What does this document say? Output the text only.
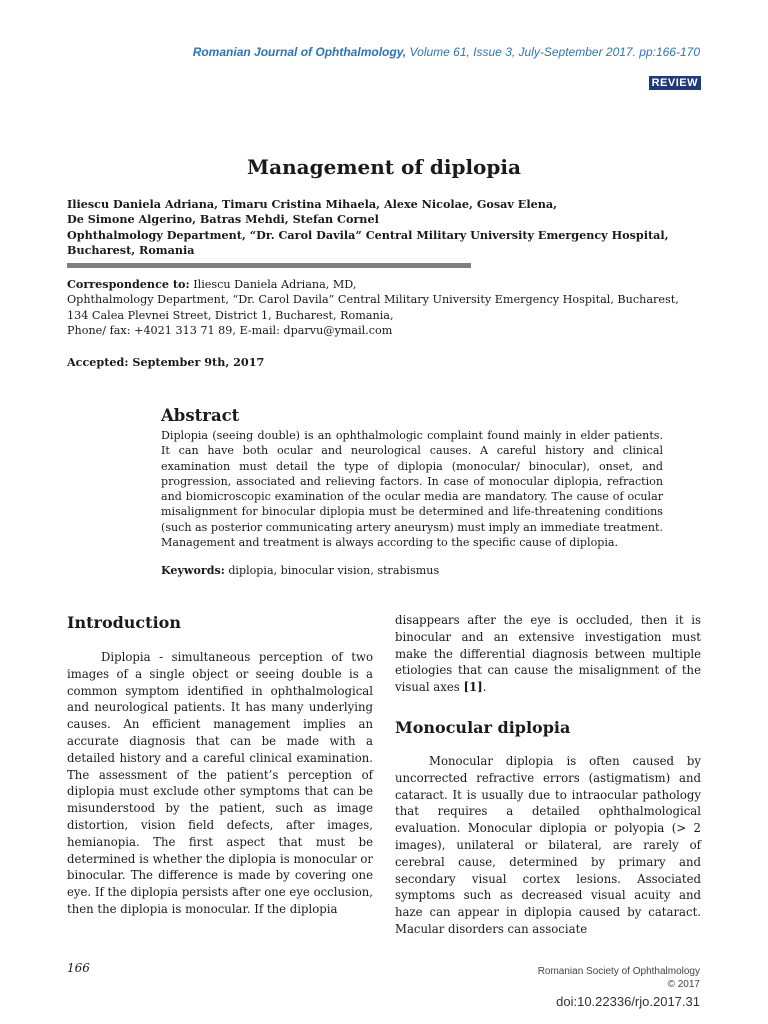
Romanian Journal of Ophthalmology, Volume 61, Issue 3, July-September 2017. pp:166-170
REVIEW
Management of diplopia
Iliescu Daniela Adriana, Timaru Cristina Mihaela, Alexe Nicolae, Gosav Elena,
De Simone Algerino, Batras Mehdi, Stefan Cornel
Ophthalmology Department, “Dr. Carol Davila” Central Military University Emergency Hospital,
Bucharest, Romania
Correspondence to: Iliescu Daniela Adriana, MD,
Ophthalmology Department, “Dr. Carol Davila” Central Military University Emergency Hospital, Bucharest,
134 Calea Plevnei Street, District 1, Bucharest, Romania,
Phone/ fax: +4021 313 71 89, E-mail: dparvu@ymail.com
Accepted: September 9th, 2017
Abstract
Diplopia (seeing double) is an ophthalmologic complaint found mainly in elder patients. It can have both ocular and neurological causes. A careful history and clinical examination must detail the type of diplopia (monocular/ binocular), onset, and progression, associated and relieving factors. In case of monocular diplopia, refraction and biomicroscopic examination of the ocular media are mandatory. The cause of ocular misalignment for binocular diplopia must be determined and life-threatening conditions (such as posterior communicating artery aneurysm) must imply an immediate treatment. Management and treatment is always according to the specific cause of diplopia.
Keywords: diplopia, binocular vision, strabismus
Introduction

Diplopia - simultaneous perception of two images of a single object or seeing double is a common symptom identified in ophthalmological and neurological patients. It has many underlying causes. An efficient management implies an accurate diagnosis that can be made with a detailed history and a careful clinical examination. The assessment of the patient’s perception of diplopia must exclude other symptoms that can be misunderstood by the patient, such as image distortion, vision field defects, after images, hemianopia. The first aspect that must be determined is whether the diplopia is monocular or binocular. The difference is made by covering one eye. If the diplopia persists after one eye occlusion, then the diplopia is monocular. If the diplopia

disappears after the eye is occluded, then it is binocular and an extensive investigation must make the differential diagnosis between multiple etiologies that can cause the misalignment of the visual axes [1].

Monocular diplopia

Monocular diplopia is often caused by uncorrected refractive errors (astigmatism) and cataract. It is usually due to intraocular pathology that requires a detailed ophthalmological evaluation. Monocular diplopia or polyopia (> 2 images), unilateral or bilateral, are rarely of cerebral cause, determined by primary and secondary visual cortex lesions. Associated symptoms such as decreased visual acuity and haze can appear in diplopia caused by cataract. Macular disorders can associate

166	Romanian Society of Ophthalmology
© 2017
doi:10.22336/rjo.2017.31
